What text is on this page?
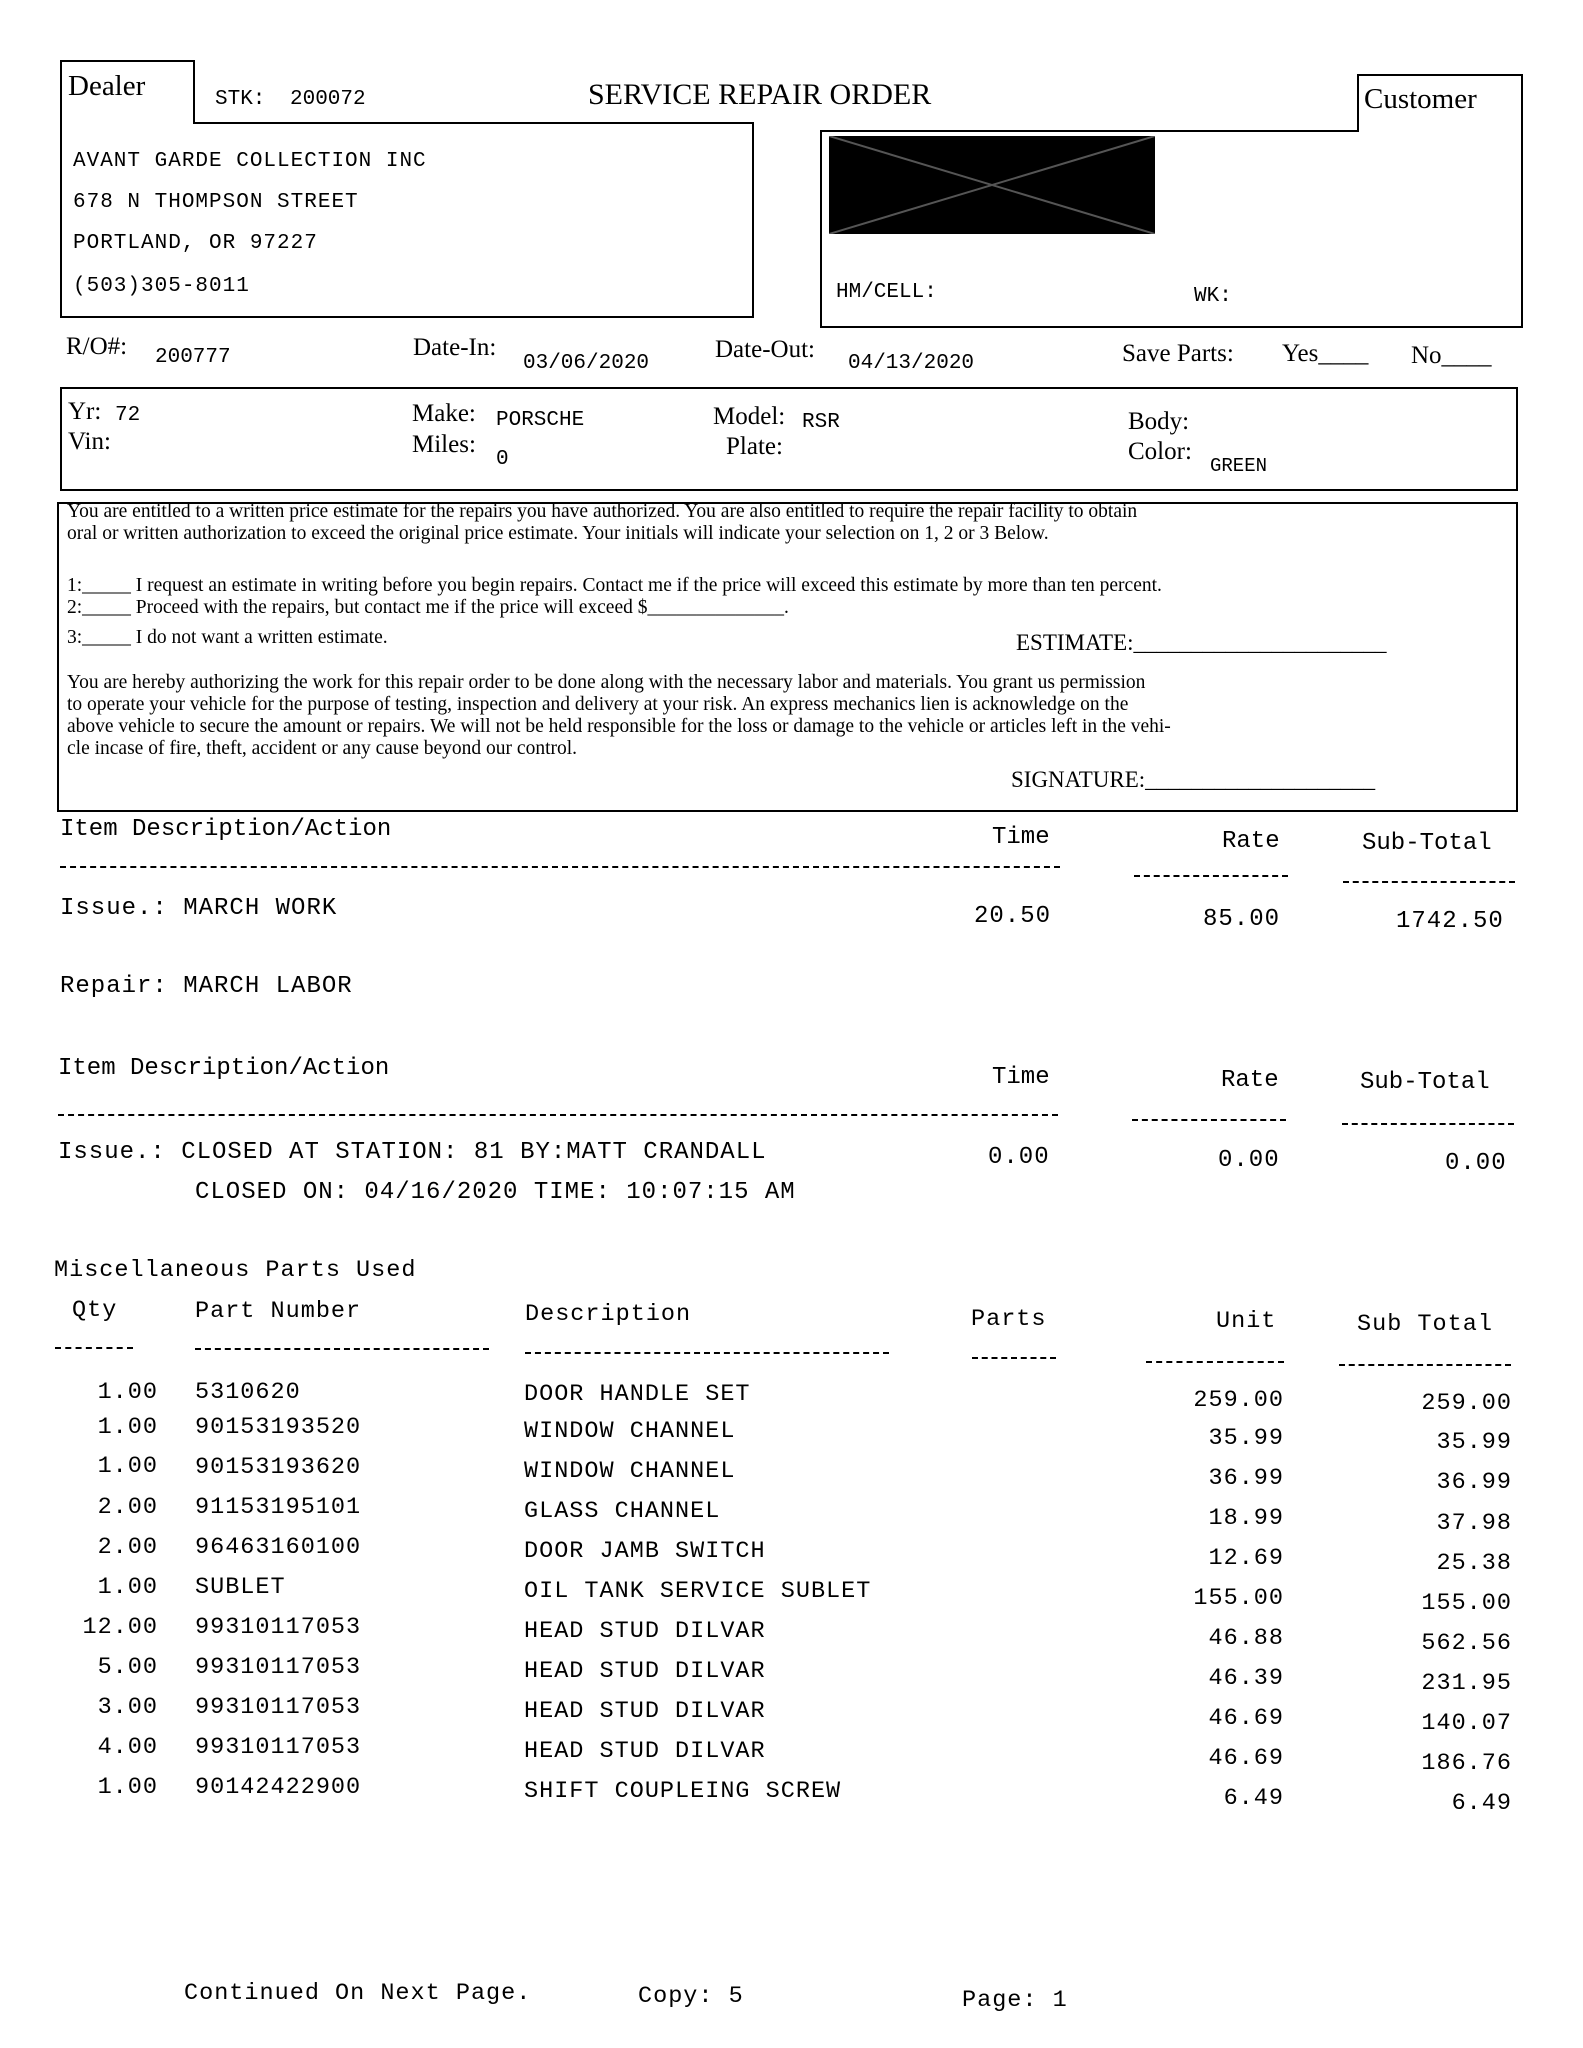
Dealer	STK: 200072	SERVICE REPAIR ORDER
AVANT GARDE COLLECTION INC
678 N THOMPSON STREET
PORTLAND, OR 97227
(503)305-8011
Customer
HM/CELL:	WK:
R/O#: 200777	Date-In:
03/06/2020
Date-Out:
04/13/2020	Save Parts: Yes____ No____
Yr: 72
Vin:
Make: PORSCHE
Miles:
0
Model: RSR
Plate:
Body:
Color:
GREEN
You are entitled to a written price estimate for the repairs you have authorized. You are also entitled to require the repair facility to obtain
oral or written authorization to exceed the original price estimate. Your initials will indicate your selection on 1, 2 or 3 Below.
1:_____ I request an estimate in writing before you begin repairs. Contact me if the price will exceed this estimate by more than ten percent.
2:_____ Proceed with the repairs, but contact me if the price will exceed $______________.
3:_____ I do not want a written estimate.	ESTIMATE:______________________
You are hereby authorizing the work for this repair order to be done along with the necessary labor and materials. You grant us permission
to operate your vehicle for the purpose of testing, inspection and delivery at your risk. An express mechanics lien is acknowledge on the
above vehicle to secure the amount or repairs. We will not be held responsible for the loss or damage to the vehicle or articles left in the vehi-
cle incase of fire, theft, accident or any cause beyond our control.
SIGNATURE:____________________
Item Description/Action	Time	Rate	Sub-Total
Issue.: MARCH WORK	20.50	85.00	1742.50
Repair: MARCH LABOR
Item Description/Action	Time	Rate	Sub-Total
Issue.: CLOSED AT STATION: 81 BY:MATT CRANDALL	0.00	0.00	0.00
CLOSED ON: 04/16/2020 TIME: 10:07:15 AM
Miscellaneous Parts Used
Qty	Part Number	Description	Parts	Unit	Sub Total
1.00 5310620	DOOR HANDLE SET	259.00	259.00
1.00 90153193520	WINDOW CHANNEL	35.99	35.99
1.00 90153193620	WINDOW CHANNEL	36.99	36.99
2.00 91153195101	GLASS CHANNEL	18.99	37.98
2.00 96463160100	DOOR JAMB SWITCH	12.69	25.38
1.00 SUBLET	OIL TANK SERVICE SUBLET	155.00	155.00
12.00 99310117053	HEAD STUD DILVAR	46.88	562.56
5.00 99310117053	HEAD STUD DILVAR	46.39	231.95
3.00 99310117053	HEAD STUD DILVAR	46.69	140.07
4.00 99310117053	HEAD STUD DILVAR	46.69	186.76
1.00 90142422900	SHIFT COUPLEING SCREW	6.49	6.49
Continued On Next Page.	Copy: 5	Page: 1
